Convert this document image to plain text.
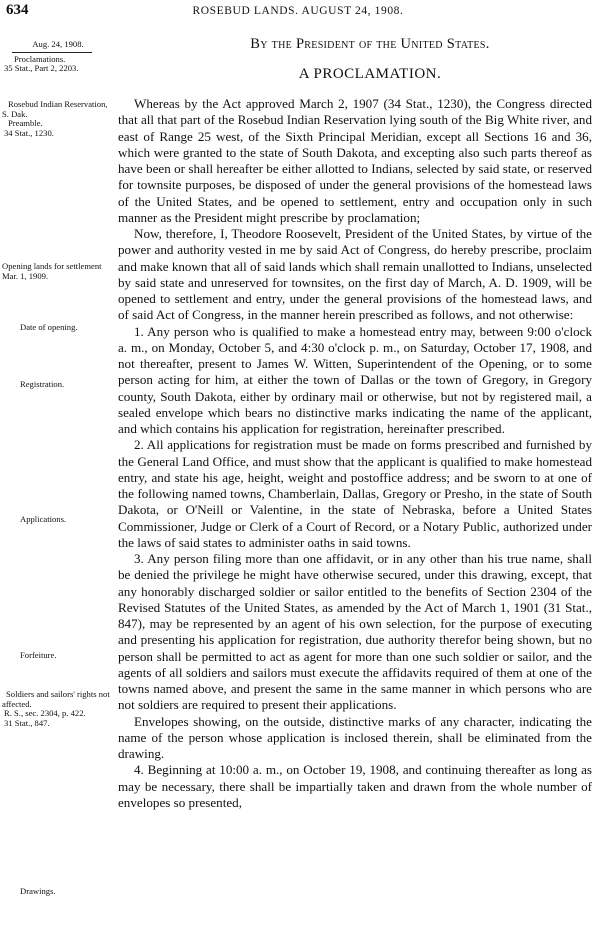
634	ROSEBUD LANDS. AUGUST 24, 1908.
Aug. 24, 1908.
Proclamations.
35 Stat., Part 2, 2203.
By the President of the United States.
A PROCLAMATION.
Rosebud Indian Reservation, S. Dak.
Preamble.
34 Stat., 1230.
Opening lands for settlement Mar. 1, 1909.
Date of opening.
Registration.
Applications.
Forfeiture.
Soldiers and sailors' rights not affected.
R. S., sec. 2304, p. 422.
31 Stat., 847.
Drawings.

Whereas by the Act approved March 2, 1907 (34 Stat., 1230), the Congress directed that all that part of the Rosebud Indian Reservation lying south of the Big White river, and east of Range 25 west, of the Sixth Principal Meridian, except all Sections 16 and 36, which were granted to the state of South Dakota, and excepting also such parts thereof as have been or shall hereafter be either allotted to Indians, selected by said state, or reserved for townsite purposes, be disposed of under the general provisions of the homestead laws of the United States, and be opened to settlement, entry and occupation only in such manner as the President might prescribe by proclamation;

Now, therefore, I, Theodore Roosevelt, President of the United States, by virtue of the power and authority vested in me by said Act of Congress, do hereby prescribe, proclaim and make known that all of said lands which shall remain unallotted to Indians, unselected by said state and unreserved for townsites, on the first day of March, A. D. 1909, will be opened to settlement and entry, under the general provisions of the homestead laws, and of said Act of Congress, in the manner herein prescribed as follows, and not otherwise:

1. Any person who is qualified to make a homestead entry may, between 9:00 o'clock a. m., on Monday, October 5, and 4:30 o'clock p. m., on Saturday, October 17, 1908, and not thereafter, present to James W. Witten, Superintendent of the Opening, or to some person acting for him, at either the town of Dallas or the town of Gregory, in Gregory county, South Dakota, either by ordinary mail or otherwise, but not by registered mail, a sealed envelope which bears no distinctive marks indicating the name of the applicant, and which contains his application for registration, hereinafter prescribed.

2. All applications for registration must be made on forms prescribed and furnished by the General Land Office, and must show that the applicant is qualified to make homestead entry, and state his age, height, weight and postoffice address; and be sworn to at one of the following named towns, Chamberlain, Dallas, Gregory or Presho, in the state of South Dakota, or O'Neill or Valentine, in the state of Nebraska, before a United States Commissioner, Judge or Clerk of a Court of Record, or a Notary Public, authorized under the laws of said states to administer oaths in said towns.

3. Any person filing more than one affidavit, or in any other than his true name, shall be denied the privilege he might have otherwise secured, under this drawing, except, that any honorably discharged soldier or sailor entitled to the benefits of Section 2304 of the Revised Statutes of the United States, as amended by the Act of March 1, 1901 (31 Stat., 847), may be represented by an agent of his own selection, for the purpose of executing and presenting his application for registration, due authority therefor being shown, but no person shall be permitted to act as agent for more than one such soldier or sailor, and the agents of all soldiers and sailors must execute the affidavits required of them at one of the towns named above, and present the same in the same manner in which persons who are not soldiers are required to present their applications.

Envelopes showing, on the outside, distinctive marks of any character, indicating the name of the person whose application is inclosed therein, shall be eliminated from the drawing.

4. Beginning at 10:00 a. m., on October 19, 1908, and continuing thereafter as long as may be necessary, there shall be impartially taken and drawn from the whole number of envelopes so presented,
